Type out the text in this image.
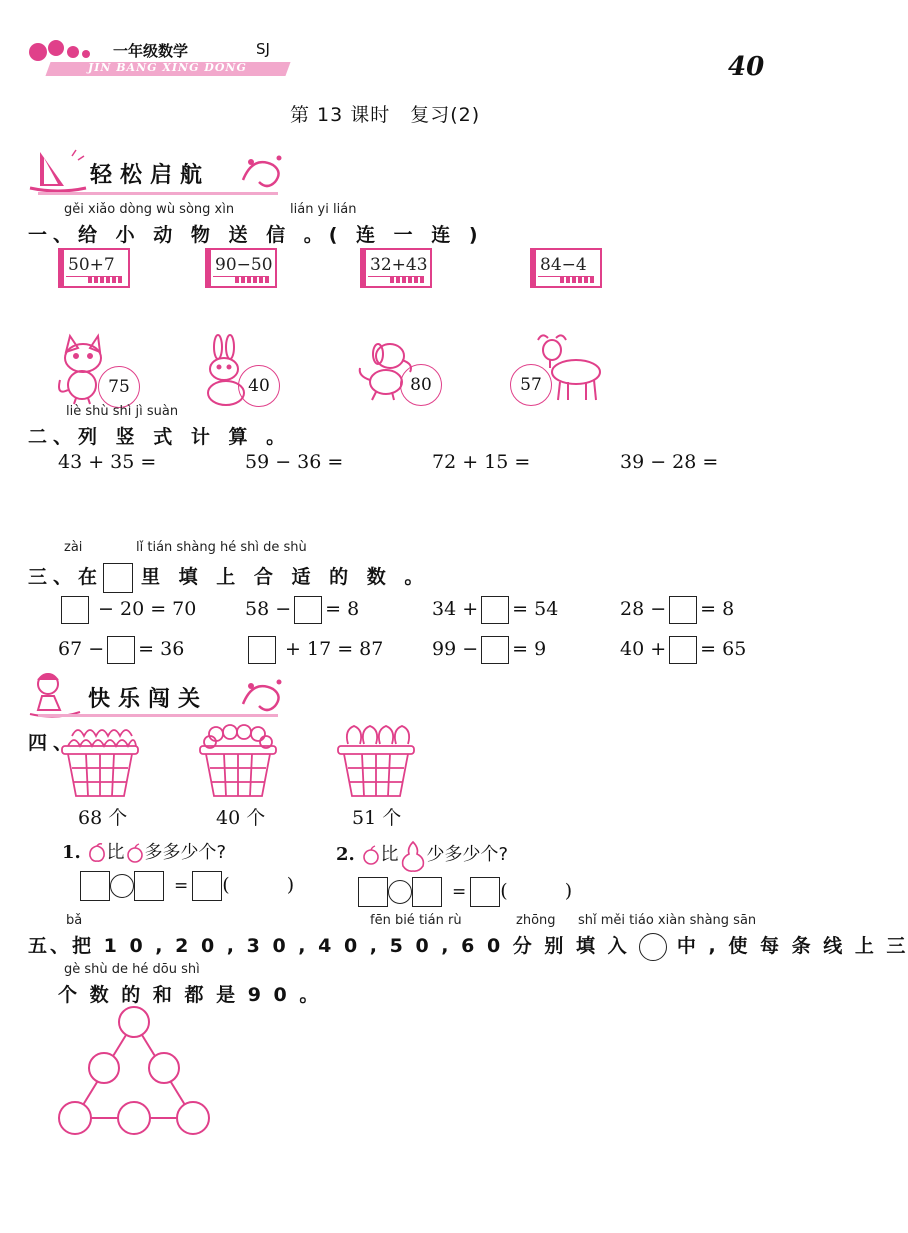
一年级数学	SJ
JIN BANG XING DONG	40
第 13 课时　复习(2)
轻松启航
gěi xiǎo dòng wù sòng xìn	lián yi lián
一、给 小 动 物 送 信 。( 连 一 连 )
50+7	90−50	32+43	84−4
75	40	80	57
liè shù shì jì suàn
二、列 竖 式 计 算 。
43 + 35 =	59 − 36 =	72 + 15 =	39 − 28 =
zài	lǐ tián shàng hé shì de shù
三、在 里 填 上 合 适 的 数 。
− 20 = 70	58 − = 8	34 + = 54	28 − = 8
67 − = 36	+ 17 = 87	99 − = 9	40 + = 65
快乐闯关
四、
68 个	40 个	51 个
1. 比 多多少个?
= (　　　)
2. 比 少多少个?
= (　　　)
bǎ	fēn bié tián rù	zhōng shǐ měi tiáo xiàn shàng sān
五、把 1 0 , 2 0 , 3 0 , 4 0 , 5 0 , 6 0 分 别 填 入 中 , 使 每 条 线 上 三
gè shù de hé dōu shì
个 数 的 和 都 是 9 0 。
